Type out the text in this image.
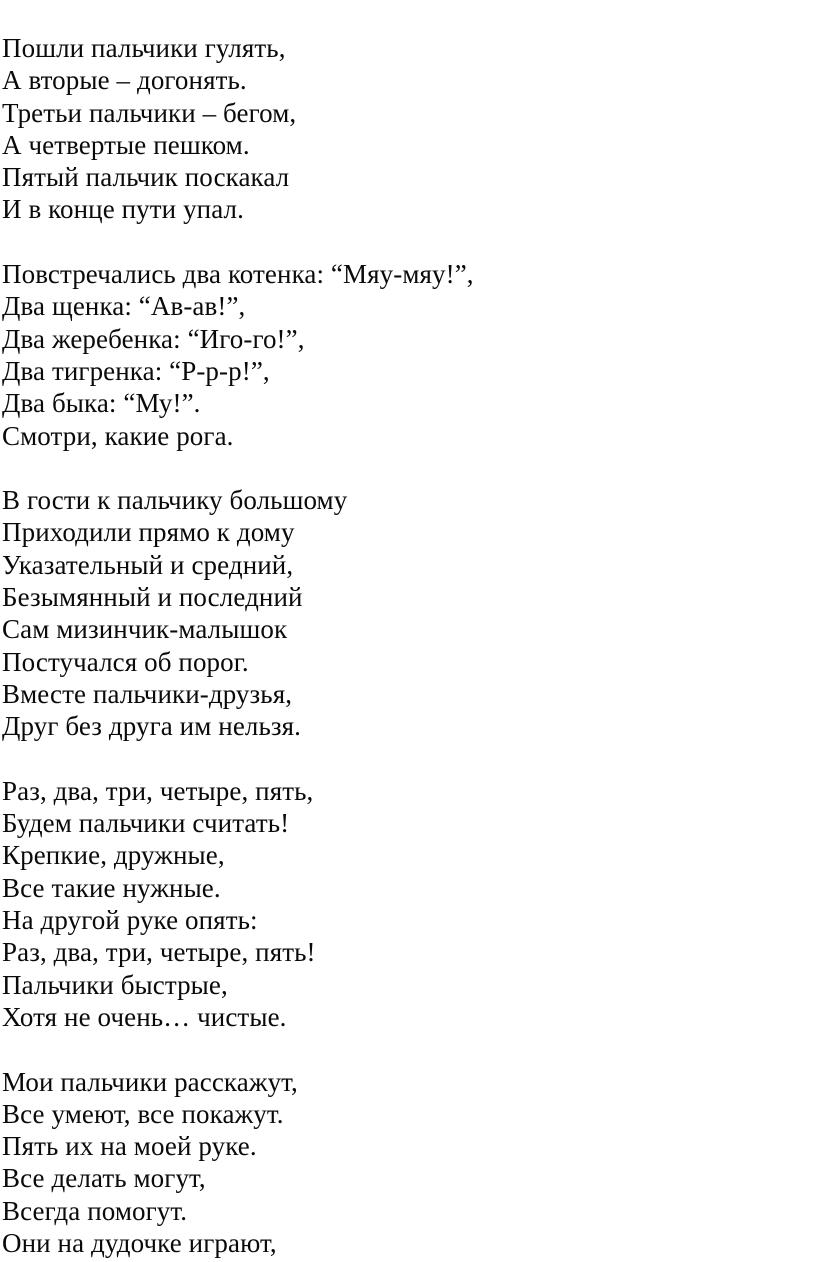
Пошли пальчики гулять,

А вторые – догонять.

Третьи пальчики – бегом,

А четвертые пешком.

Пятый пальчик поскакал

И в конце пути упал.

Повстречались два котенка: “Мяу-мяу!”,

Два щенка: “Ав-ав!”,

Два жеребенка: “Иго-го!”,

Два тигренка: “Р-р-р!”,

Два быка: “Му!”.

Смотри, какие рога.

В гости к пальчику большому

Приходили прямо к дому

Указательный и средний,

Безымянный и последний

Сам мизинчик-малышок

Постучался об порог.

Вместе пальчики-друзья,

Друг без друга им нельзя.

Раз, два, три, четыре, пять,

Будем пальчики считать!

Крепкие, дружные,

Все такие нужные.

На другой руке опять:

Раз, два, три, четыре, пять!

Пальчики быстрые,

Хотя не очень… чистые.

Мои пальчики расскажут,

Все умеют, все покажут.

Пять их на моей руке.

Все делать могут,

Всегда помогут.

Они на дудочке играют,
